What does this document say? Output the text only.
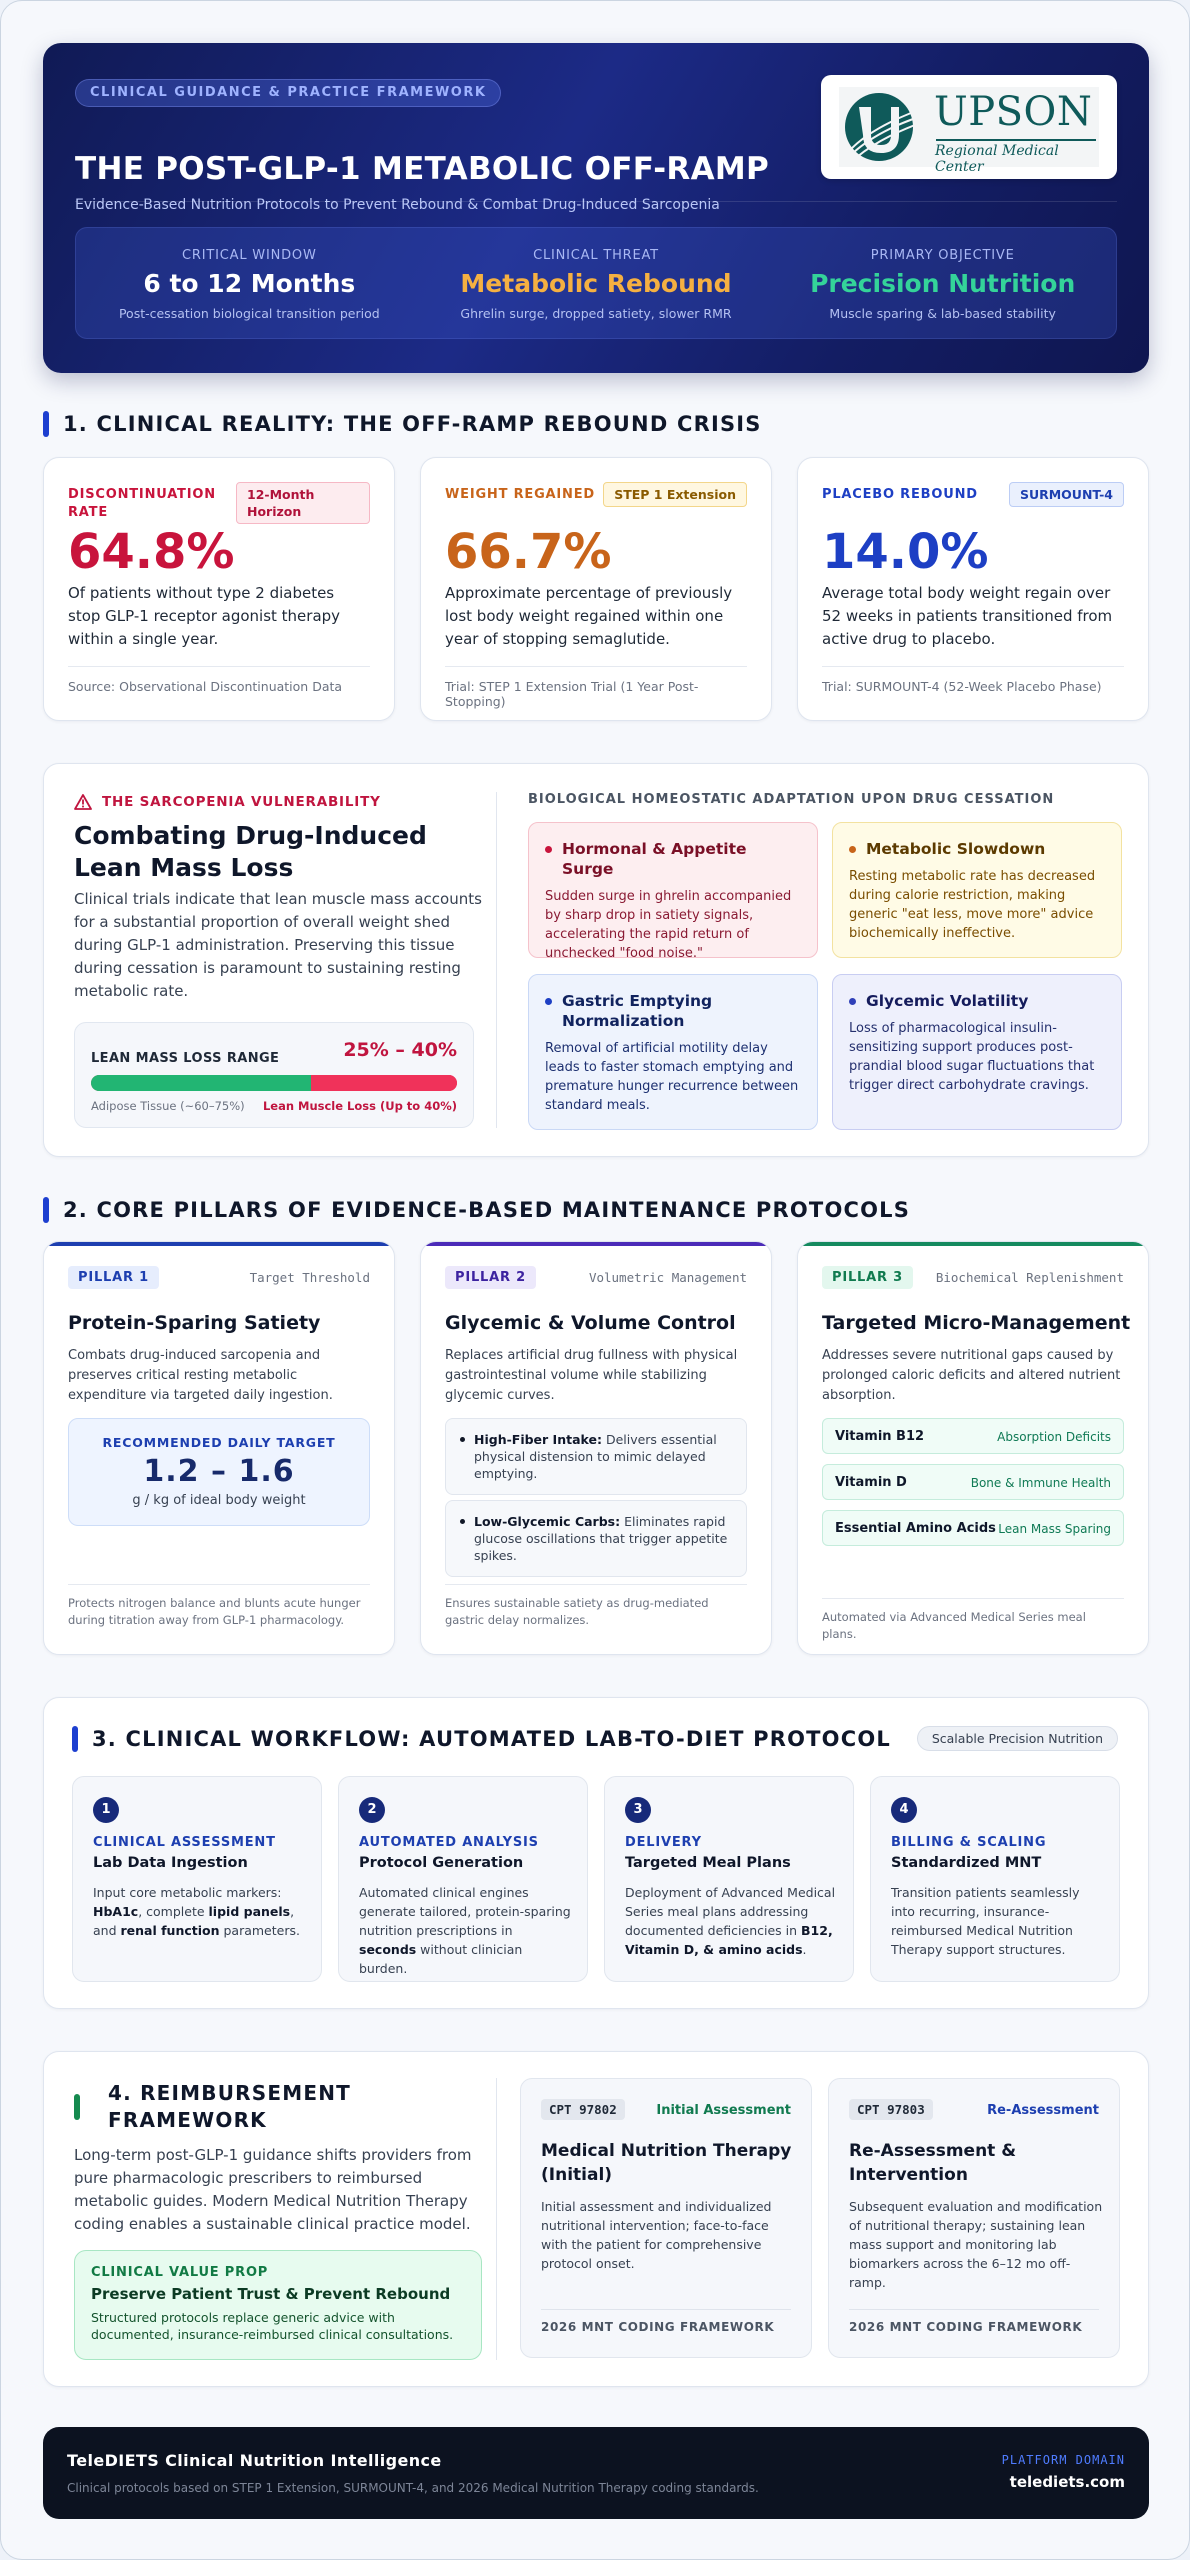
CLINICAL GUIDANCE & PRACTICE FRAMEWORK
THE POST-GLP-1 METABOLIC OFF-RAMP
Evidence-Based Nutrition Protocols to Prevent Rebound & Combat Drug-Induced Sarcopenia
UPSON
Regional Medical Center
CRITICAL WINDOW
6 to 12 Months
Post-cessation biological transition period
CLINICAL THREAT
Metabolic Rebound
Ghrelin surge, dropped satiety, slower RMR
PRIMARY OBJECTIVE
Precision Nutrition
Muscle sparing & lab-based stability
1. CLINICAL REALITY: THE OFF-RAMP REBOUND CRISIS
DISCONTINUATION RATE
12-Month Horizon
64.8%
Of patients without type 2 diabetes stop GLP-1 receptor agonist therapy within a single year.
Source: Observational Discontinuation Data
WEIGHT REGAINED	STEP 1 Extension
66.7%
Approximate percentage of previously lost body weight regained within one year of stopping semaglutide.
Trial: STEP 1 Extension Trial (1 Year Post-Stopping)
PLACEBO REBOUND	SURMOUNT-4
14.0%
Average total body weight regain over 52 weeks in patients transitioned from active drug to placebo.
Trial: SURMOUNT-4 (52-Week Placebo Phase)
THE SARCOPENIA VULNERABILITY
Combating Drug-Induced Lean Mass Loss
Clinical trials indicate that lean muscle mass accounts for a substantial proportion of overall weight shed during GLP-1 administration. Preserving this tissue during cessation is paramount to sustaining resting metabolic rate.
LEAN MASS LOSS RANGE	25% – 40%
Adipose Tissue (~60–75%) Lean Muscle Loss (Up to 40%)
BIOLOGICAL HOMEOSTATIC ADAPTATION UPON DRUG CESSATION
Hormonal & Appetite Surge
Sudden surge in ghrelin accompanied by sharp drop in satiety signals, accelerating the rapid return of unchecked "food noise."
Metabolic Slowdown
Resting metabolic rate has decreased during calorie restriction, making generic "eat less, move more" advice biochemically ineffective.
Gastric Emptying Normalization
Removal of artificial motility delay leads to faster stomach emptying and premature hunger recurrence between standard meals.
Glycemic Volatility
Loss of pharmacological insulin-sensitizing support produces post-prandial blood sugar fluctuations that trigger direct carbohydrate cravings.
2. CORE PILLARS OF EVIDENCE-BASED MAINTENANCE PROTOCOLS
PILLAR 1	Target Threshold
Protein-Sparing Satiety
Combats drug-induced sarcopenia and preserves critical resting metabolic expenditure via targeted daily ingestion.
RECOMMENDED DAILY TARGET
1.2 – 1.6
g / kg of ideal body weight
Protects nitrogen balance and blunts acute hunger during titration away from GLP-1 pharmacology.
PILLAR 2	Volumetric Management
Glycemic & Volume Control
Replaces artificial drug fullness with physical gastrointestinal volume while stabilizing glycemic curves.
High-Fiber Intake: Delivers essential physical distension to mimic delayed emptying.
Low-Glycemic Carbs: Eliminates rapid glucose oscillations that trigger appetite spikes.
Ensures sustainable satiety as drug-mediated gastric delay normalizes.
PILLAR 3	Biochemical Replenishment
Targeted Micro-Management
Addresses severe nutritional gaps caused by prolonged caloric deficits and altered nutrient absorption.
Vitamin B12	Absorption Deficits
Vitamin D	Bone & Immune Health
Essential Amino Acids Lean Mass Sparing
Automated via Advanced Medical Series meal plans.
3. CLINICAL WORKFLOW: AUTOMATED LAB-TO-DIET PROTOCOL	Scalable Precision Nutrition
1
CLINICAL ASSESSMENT
Lab Data Ingestion
Input core metabolic markers: HbA1c, complete lipid panels, and renal function parameters.
2
AUTOMATED ANALYSIS
Protocol Generation
Automated clinical engines generate tailored, protein-sparing nutrition prescriptions in seconds without clinician burden.
3
DELIVERY
Targeted Meal Plans
Deployment of Advanced Medical Series meal plans addressing documented deficiencies in B12, Vitamin D, & amino acids.
4
BILLING & SCALING
Standardized MNT
Transition patients seamlessly into recurring, insurance-reimbursed Medical Nutrition Therapy support structures.
4. REIMBURSEMENT FRAMEWORK
Long-term post-GLP-1 guidance shifts providers from pure pharmacologic prescribers to reimbursed metabolic guides. Modern Medical Nutrition Therapy coding enables a sustainable clinical practice model.
CLINICAL VALUE PROP
Preserve Patient Trust & Prevent Rebound
Structured protocols replace generic advice with documented, insurance-reimbursed clinical consultations.
CPT 97802	Initial Assessment
Medical Nutrition Therapy (Initial)
Initial assessment and individualized nutritional intervention; face-to-face with the patient for comprehensive protocol onset.
2026 MNT CODING FRAMEWORK
CPT 97803	Re-Assessment
Re-Assessment & Intervention
Subsequent evaluation and modification of nutritional therapy; sustaining lean mass support and monitoring lab biomarkers across the 6–12 mo off-ramp.
2026 MNT CODING FRAMEWORK
TeleDIETS Clinical Nutrition Intelligence
Clinical protocols based on STEP 1 Extension, SURMOUNT-4, and 2026 Medical Nutrition Therapy coding standards.
PLATFORM DOMAIN
telediets.com
